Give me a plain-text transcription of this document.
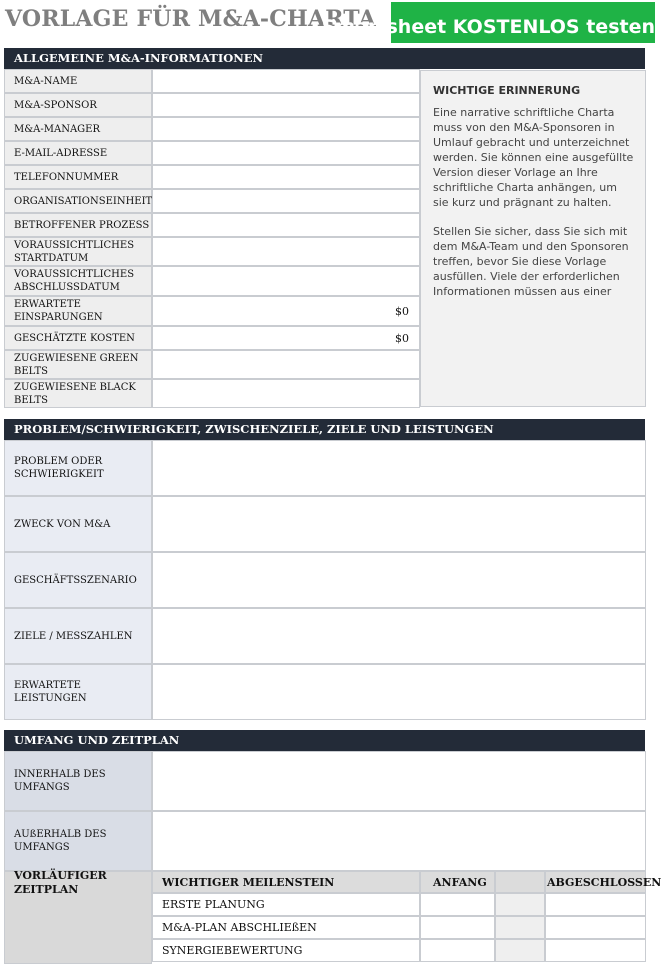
VORLAGE FÜR M&A-CHARTA
Smartsheet KOSTENLOS testen
ALLGEMEINE M&A-INFORMATIONEN
M&A-NAME
M&A-SPONSOR
M&A-MANAGER
E-MAIL-ADRESSE
TELEFONNUMMER
ORGANISATIONSEINHEIT
BETROFFENER PROZESS
VORAUSSICHTLICHES STARTDATUM
VORAUSSICHTLICHES ABSCHLUSSDATUM
ERWARTETE EINSPARUNGEN	$0
GESCHÄTZTE KOSTEN	$0
ZUGEWIESENE GREEN BELTS
ZUGEWIESENE BLACK BELTS
WICHTIGE ERINNERUNG

Eine narrative schriftliche Charta muss von den M&A-Sponsoren in Umlauf gebracht und unterzeichnet werden. Sie können eine ausgefüllte Version dieser Vorlage an Ihre schriftliche Charta anhängen, um sie kurz und prägnant zu halten.

Stellen Sie sicher, dass Sie sich mit dem M&A-Team und den Sponsoren treffen, bevor Sie diese Vorlage ausfüllen. Viele der erforderlichen Informationen müssen aus einer

PROBLEM/SCHWIERIGKEIT, ZWISCHENZIELE, ZIELE UND LEISTUNGEN
PROBLEM ODER SCHWIERIGKEIT
ZWECK VON M&A
GESCHÄFTSSZENARIO
ZIELE / MESSZAHLEN
ERWARTETE LEISTUNGEN
UMFANG UND ZEITPLAN
INNERHALB DES UMFANGS
AUßERHALB DES UMFANGS
VORLÄUFIGER ZEITPLAN
WICHTIGER MEILENSTEIN	ANFANG	ABGESCHLOSSEN
ERSTE PLANUNG
M&A-PLAN ABSCHLIEßEN
SYNERGIEBEWERTUNG
